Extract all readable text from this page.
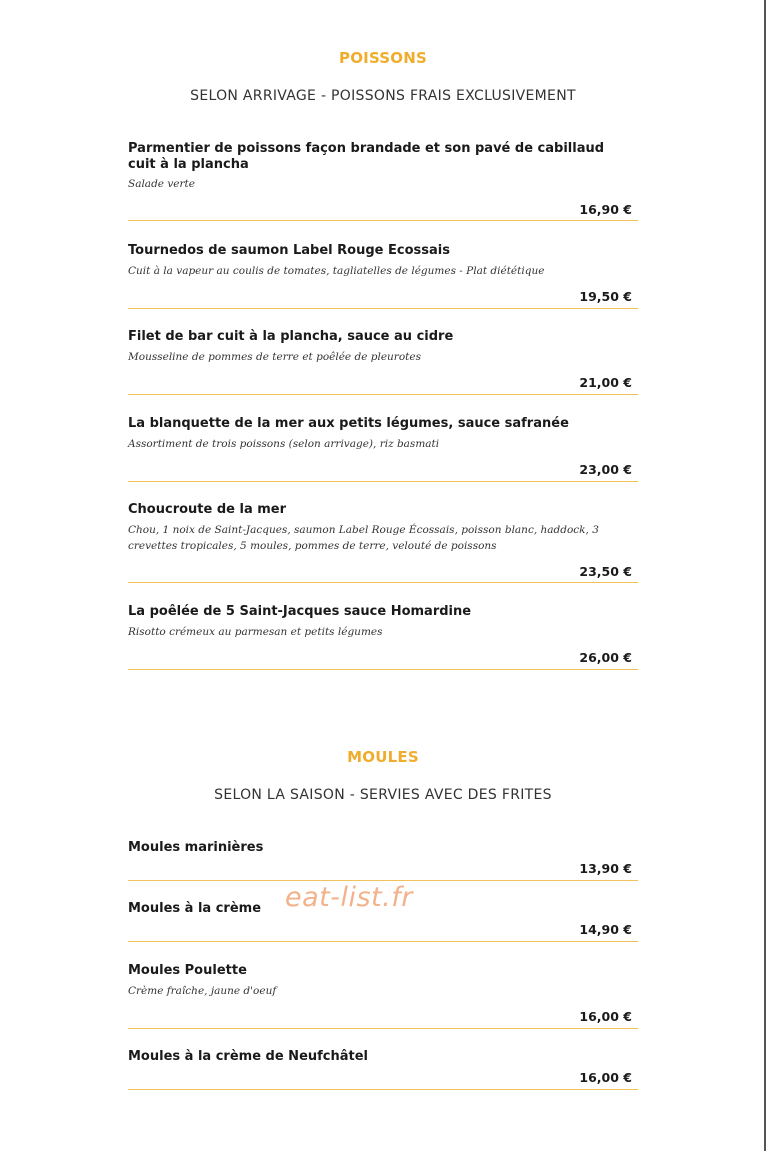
POISSONS
SELON ARRIVAGE - POISSONS FRAIS EXCLUSIVEMENT
Parmentier de poissons façon brandade et son pavé de cabillaud cuit à la plancha
Salade verte
16,90 €
Tournedos de saumon Label Rouge Ecossais
Cuit à la vapeur au coulis de tomates, tagliatelles de légumes - Plat diététique
19,50 €
Filet de bar cuit à la plancha, sauce au cidre
Mousseline de pommes de terre et poêlée de pleurotes
21,00 €
La blanquette de la mer aux petits légumes, sauce safranée
Assortiment de trois poissons (selon arrivage), riz basmati
23,00 €
Choucroute de la mer
Chou, 1 noix de Saint-Jacques, saumon Label Rouge Écossais, poisson blanc, haddock, 3 crevettes tropicales, 5 moules, pommes de terre, velouté de poissons
23,50 €
La poêlée de 5 Saint-Jacques sauce Homardine
Risotto crémeux au parmesan et petits légumes
26,00 €
MOULES
SELON LA SAISON - SERVIES AVEC DES FRITES
Moules marinières
13,90 €
Moules à la crème
14,90 €
Moules Poulette
Crème fraîche, jaune d'oeuf
16,00 €
Moules à la crème de Neufchâtel
16,00 €
eat-list.fr
